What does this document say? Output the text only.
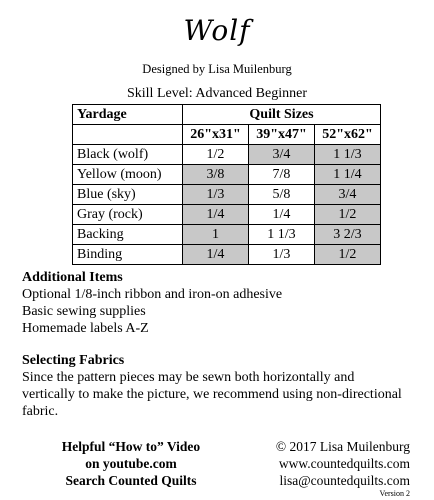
Wolf
Designed by Lisa Muilenburg
Skill Level: Advanced Beginner
Yardage	Quilt Sizes		
	26"x31"	39"x47"	52"x62"
Black (wolf)	1/2	3/4	1 1/3
Yellow (moon)	3/8	7/8	1 1/4
Blue (sky)	1/3	5/8	3/4
Gray (rock)	1/4	1/4	1/2
Backing	1	1 1/3	3 2/3
Binding	1/4	1/3	1/2
Additional Items
Optional 1/8-inch ribbon and iron-on adhesive
Basic sewing supplies
Homemade labels A-Z
Selecting Fabrics
Since the pattern pieces may be sewn both horizontally and
vertically to make the picture, we recommend using non-directional
fabric.
Helpful “How to” Video
on youtube.com
Search Counted Quilts
© 2017 Lisa Muilenburg
www.countedquilts.com
lisa@countedquilts.com
Version 2
